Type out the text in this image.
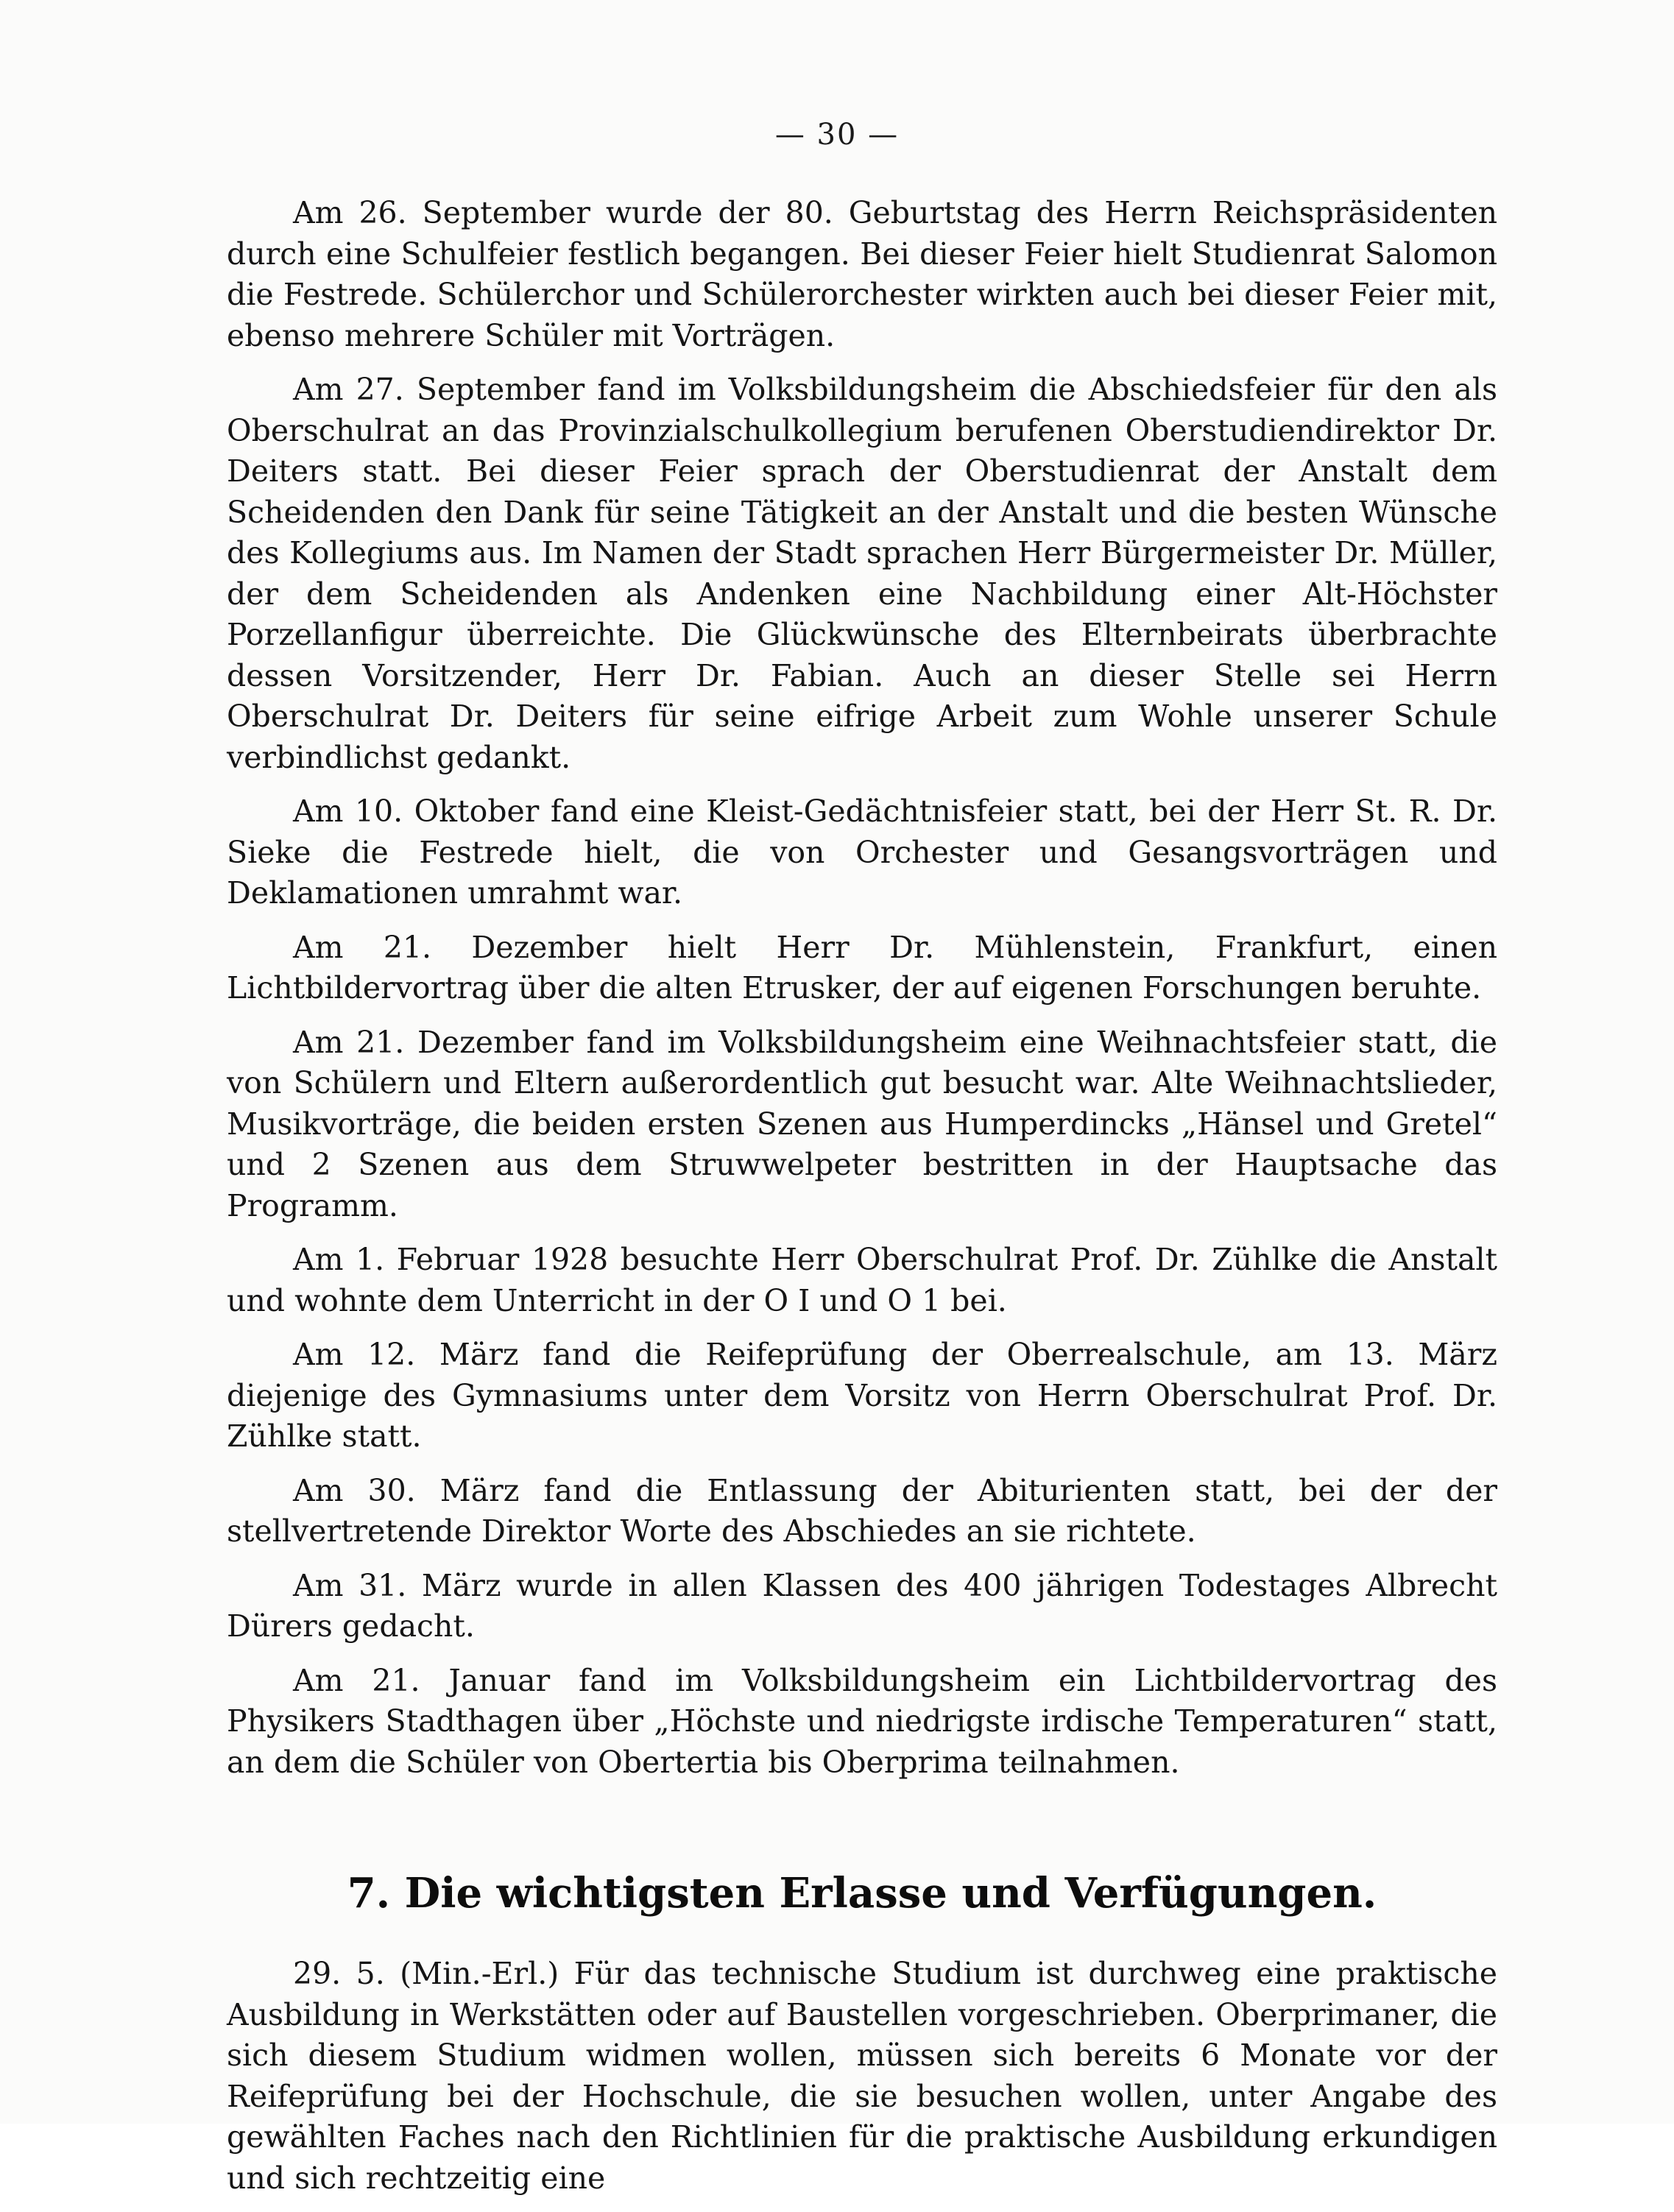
— 30 —

Am 26. September wurde der 80. Geburtstag des Herrn Reichspräsidenten durch eine Schulfeier festlich begangen. Bei dieser Feier hielt Studienrat Salomon die Festrede. Schülerchor und Schülerorchester wirkten auch bei dieser Feier mit, ebenso mehrere Schüler mit Vorträgen.

Am 27. September fand im Volksbildungsheim die Abschiedsfeier für den als Oberschulrat an das Provinzialschulkollegium berufenen Oberstudiendirektor Dr. Deiters statt. Bei dieser Feier sprach der Oberstudienrat der Anstalt dem Scheidenden den Dank für seine Tätigkeit an der Anstalt und die besten Wünsche des Kollegiums aus. Im Namen der Stadt sprachen Herr Bürgermeister Dr. Müller, der dem Scheidenden als Andenken eine Nachbildung einer Alt-Höchster Porzellanfigur überreichte. Die Glückwünsche des Elternbeirats überbrachte dessen Vorsitzender, Herr Dr. Fabian. Auch an dieser Stelle sei Herrn Oberschulrat Dr. Deiters für seine eifrige Arbeit zum Wohle unserer Schule verbindlichst gedankt.

Am 10. Oktober fand eine Kleist-Gedächtnisfeier statt, bei der Herr St. R. Dr. Sieke die Festrede hielt, die von Orchester und Gesangsvorträgen und Deklamationen umrahmt war.

Am 21. Dezember hielt Herr Dr. Mühlenstein, Frankfurt, einen Lichtbildervortrag über die alten Etrusker, der auf eigenen Forschungen beruhte.

Am 21. Dezember fand im Volksbildungsheim eine Weihnachtsfeier statt, die von Schülern und Eltern außerordentlich gut besucht war. Alte Weihnachtslieder, Musikvorträge, die beiden ersten Szenen aus Humperdincks „Hänsel und Gretel“ und 2 Szenen aus dem Struwwelpeter bestritten in der Hauptsache das Programm.

Am 1. Februar 1928 besuchte Herr Oberschulrat Prof. Dr. Zühlke die Anstalt und wohnte dem Unterricht in der O I und O 1 bei.

Am 12. März fand die Reifeprüfung der Oberrealschule, am 13. März diejenige des Gymnasiums unter dem Vorsitz von Herrn Oberschulrat Prof. Dr. Zühlke statt.

Am 30. März fand die Entlassung der Abiturienten statt, bei der der stellvertretende Direktor Worte des Abschiedes an sie richtete.

Am 31. März wurde in allen Klassen des 400 jährigen Todestages Albrecht Dürers gedacht.

Am 21. Januar fand im Volksbildungsheim ein Lichtbildervortrag des Physikers Stadthagen über „Höchste und niedrigste irdische Temperaturen“ statt, an dem die Schüler von Obertertia bis Oberprima teilnahmen.

7. Die wichtigsten Erlasse und Verfügungen.

29. 5. (Min.-Erl.) Für das technische Studium ist durchweg eine praktische Ausbildung in Werkstätten oder auf Baustellen vorgeschrieben. Oberprimaner, die sich diesem Studium widmen wollen, müssen sich bereits 6 Monate vor der Reifeprüfung bei der Hochschule, die sie besuchen wollen, unter Angabe des gewählten Faches nach den Richtlinien für die praktische Ausbildung erkundigen und sich rechtzeitig eine
